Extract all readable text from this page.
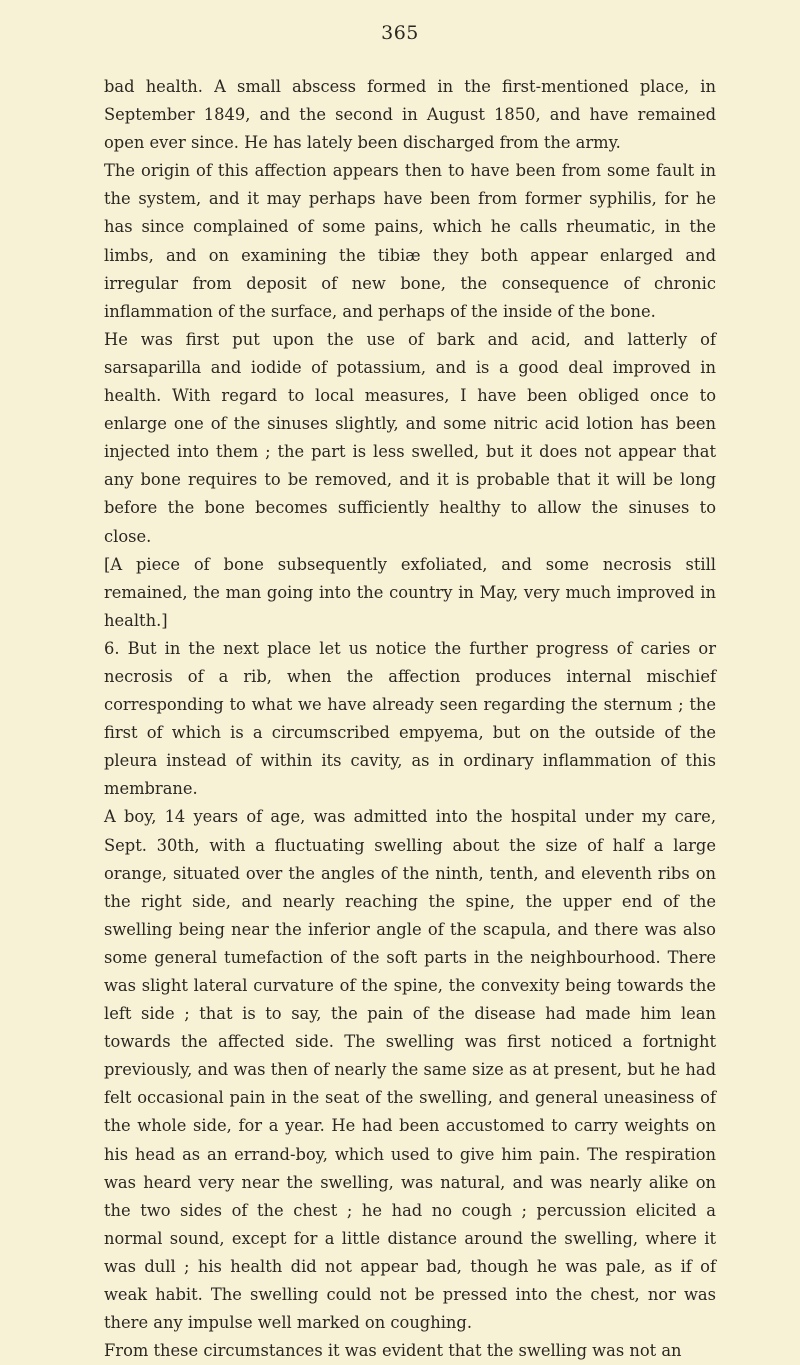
365

bad health. A small abscess formed in the first-mentioned place, in September 1849, and the second in August 1850, and have remained open ever since. He has lately been discharged from the army.

The origin of this affection appears then to have been from some fault in the system, and it may perhaps have been from former syphilis, for he has since complained of some pains, which he calls rheumatic, in the limbs, and on examining the tibiæ they both appear enlarged and irregular from deposit of new bone, the consequence of chronic inflammation of the surface, and perhaps of the inside of the bone.

He was first put upon the use of bark and acid, and latterly of sarsaparilla and iodide of potassium, and is a good deal improved in health. With regard to local measures, I have been obliged once to enlarge one of the sinuses slightly, and some nitric acid lotion has been injected into them ; the part is less swelled, but it does not appear that any bone requires to be removed, and it is probable that it will be long before the bone becomes sufficiently healthy to allow the sinuses to close.

[A piece of bone subsequently exfoliated, and some necrosis still remained, the man going into the country in May, very much improved in health.]

6. But in the next place let us notice the further progress of caries or necrosis of a rib, when the affection produces internal mischief corresponding to what we have already seen regarding the sternum ; the first of which is a circumscribed empyema, but on the outside of the pleura instead of within its cavity, as in ordinary inflammation of this membrane.

A boy, 14 years of age, was admitted into the hospital under my care, Sept. 30th, with a fluctuating swelling about the size of half a large orange, situated over the angles of the ninth, tenth, and eleventh ribs on the right side, and nearly reaching the spine, the upper end of the swelling being near the inferior angle of the scapula, and there was also some general tumefaction of the soft parts in the neighbourhood. There was slight lateral curvature of the spine, the convexity being towards the left side ; that is to say, the pain of the disease had made him lean towards the affected side. The swelling was first noticed a fortnight previously, and was then of nearly the same size as at present, but he had felt occasional pain in the seat of the swelling, and general uneasiness of the whole side, for a year. He had been accustomed to carry weights on his head as an errand-boy, which used to give him pain. The respiration was heard very near the swelling, was natural, and was nearly alike on the two sides of the chest ; he had no cough ; percussion elicited a normal sound, except for a little distance around the swelling, where it was dull ; his health did not appear bad, though he was pale, as if of weak habit. The swelling could not be pressed into the chest, nor was there any impulse well marked on coughing.

From these circumstances it was evident that the swelling was not an
